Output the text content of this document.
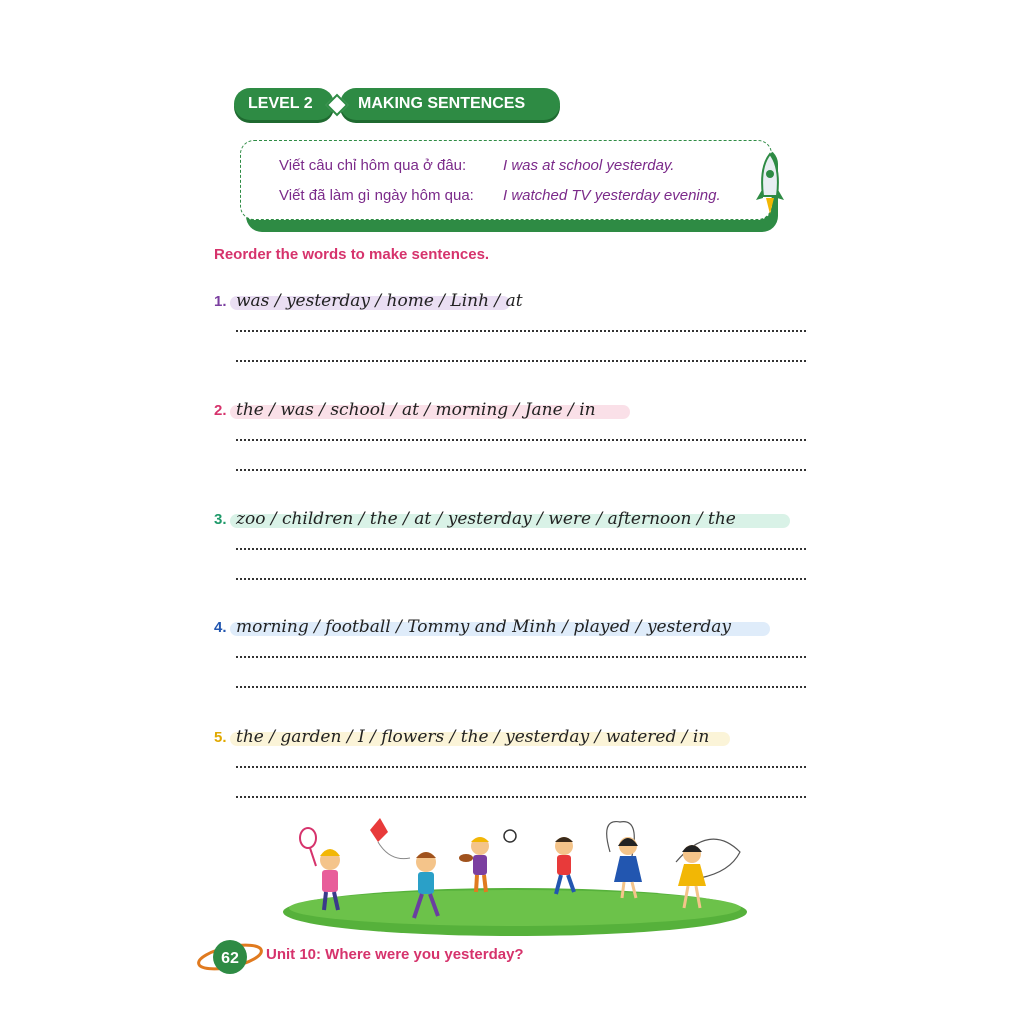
LEVEL 2	MAKING SENTENCES
Viết câu chỉ hôm qua ở đâu: I was at school yesterday.
Viết đã làm gì ngày hôm qua: I watched TV yesterday evening.
Reorder the words to make sentences.
1. was / yesterday / home / Linh / at
2. the / was / school / at / morning / Jane / in
3. zoo / children / the / at / yesterday / were / afternoon / the
4. morning / football / Tommy and Minh / played / yesterday
5. the / garden / I / flowers / the / yesterday / watered / in
62 Unit 10: Where were you yesterday?
